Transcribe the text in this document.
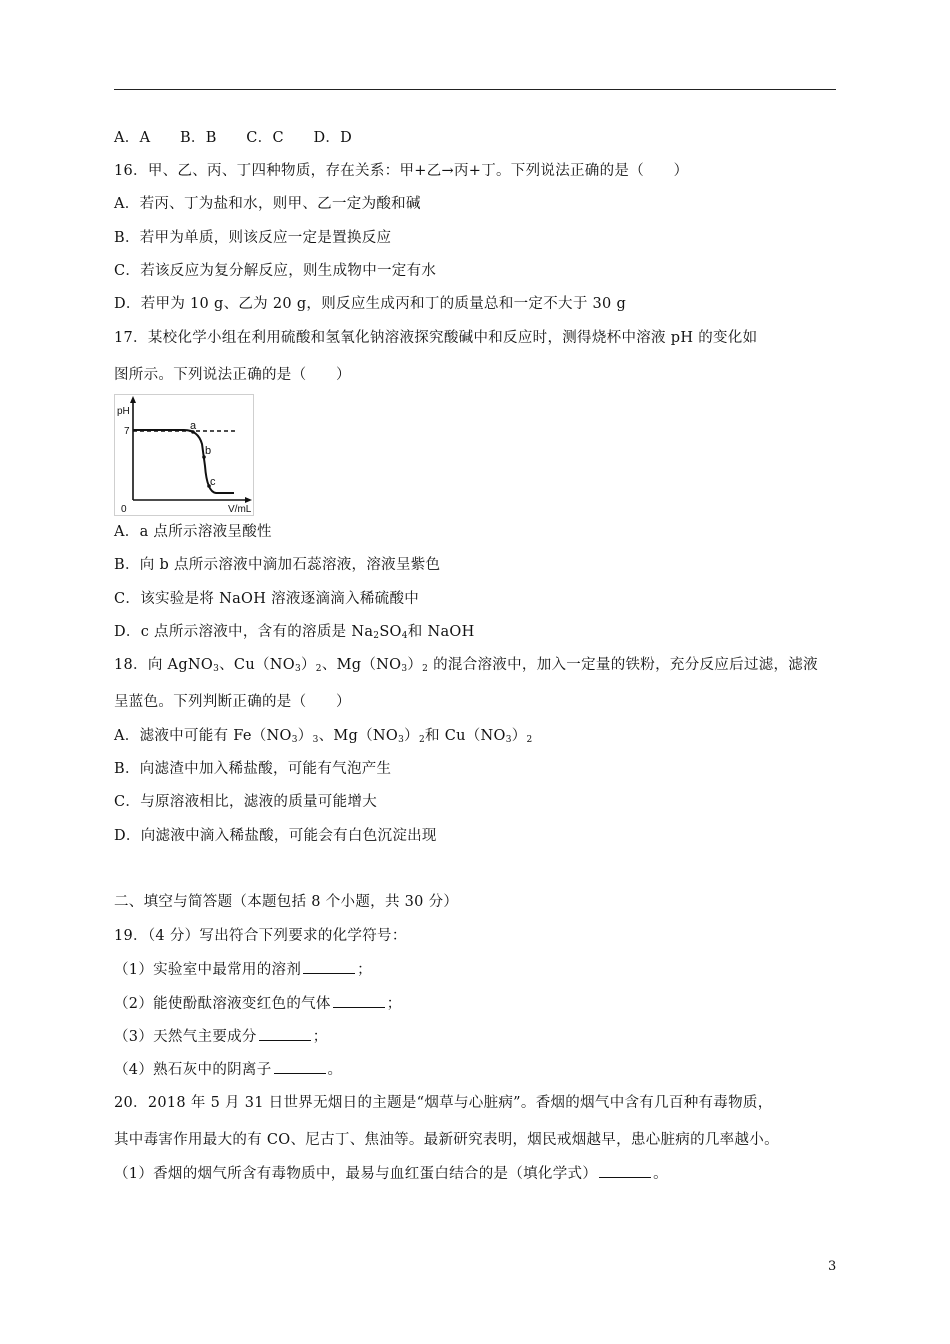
A．A　　B．B　　C．C　　D．D
16．甲、乙、丙、丁四种物质，存在关系：甲+乙→丙+丁。下列说法正确的是（　　）
A．若丙、丁为盐和水，则甲、乙一定为酸和碱
B．若甲为单质，则该反应一定是置换反应
C．若该反应为复分解反应，则生成物中一定有水
D．若甲为 10 g、乙为 20 g，则反应生成丙和丁的质量总和一定不大于 30 g
17．某校化学小组在利用硫酸和氢氧化钠溶液探究酸碱中和反应时，测得烧杯中溶液 pH 的变化如
图所示。下列说法正确的是（　　）
pH
7
0	V/mL
a
b
c
A．a 点所示溶液呈酸性
B．向 b 点所示溶液中滴加石蕊溶液，溶液呈紫色
C．该实验是将 NaOH 溶液逐滴滴入稀硫酸中
D．c 点所示溶液中，含有的溶质是 $Na_2SO_4$和 NaOH
18．向 AgNO$_3$、$Cu(NO_3)_2$、$Mg(NO_3)_2$ 的混合溶液中，加入一定量的铁粉，充分反应后过滤，滤液
呈蓝色。下列判断正确的是（　　）
A．滤液中可能有 $Fe(NO_3)_3$、$Mg(NO_3)_2$和 $Cu(NO_3)_2$
B．向滤渣中加入稀盐酸，可能有气泡产生
C．与原溶液相比，滤液的质量可能增大
D．向滤液中滴入稀盐酸，可能会有白色沉淀出现
二、填空与简答题（本题包括 8 个小题，共 30 分）
19．（4 分）写出符合下列要求的化学符号：
（1）实验室中最常用的溶剂	；
（2）能使酚酞溶液变红色的气体	；
（3）天然气主要成分	；
（4）熟石灰中的阴离子	。
20．2018 年 5 月 31 日世界无烟日的主题是“烟草与心脏病”。香烟的烟气中含有几百种有毒物质，
其中毒害作用最大的有 CO、尼古丁、焦油等。最新研究表明，烟民戒烟越早，患心脏病的几率越小。
（1）香烟的烟气所含有毒物质中，最易与血红蛋白结合的是（填化学式）	。
3
